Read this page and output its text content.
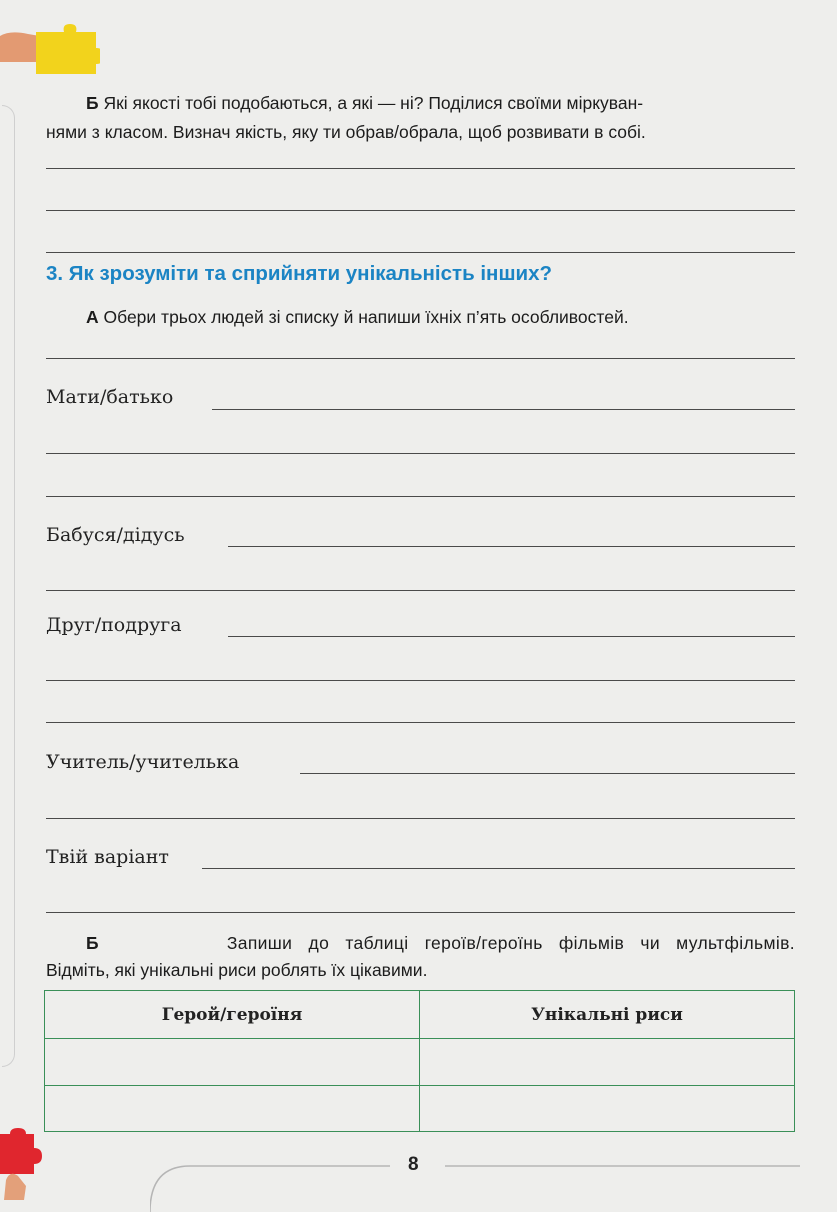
Б Які якості тобі подобаються, а які — ні? Поділися своїми міркуван-
нями з класом. Визнач якість, яку ти обрав/обрала, щоб розвивати в собі.
3. Як зрозуміти та сприйняти унікальність інших?
А Обери трьох людей зі списку й напиши їхніх п’ять особливостей.
Мати/батько
Бабуся/дідусь
Друг/подруга
Учитель/учителька
Твій варіант
Б	Запиши до таблиці героїв/героїнь фільмів чи мультфільмів.
Відміть, які унікальні риси роблять їх цікавими.
Герой/героїня	Унікальні риси

8
